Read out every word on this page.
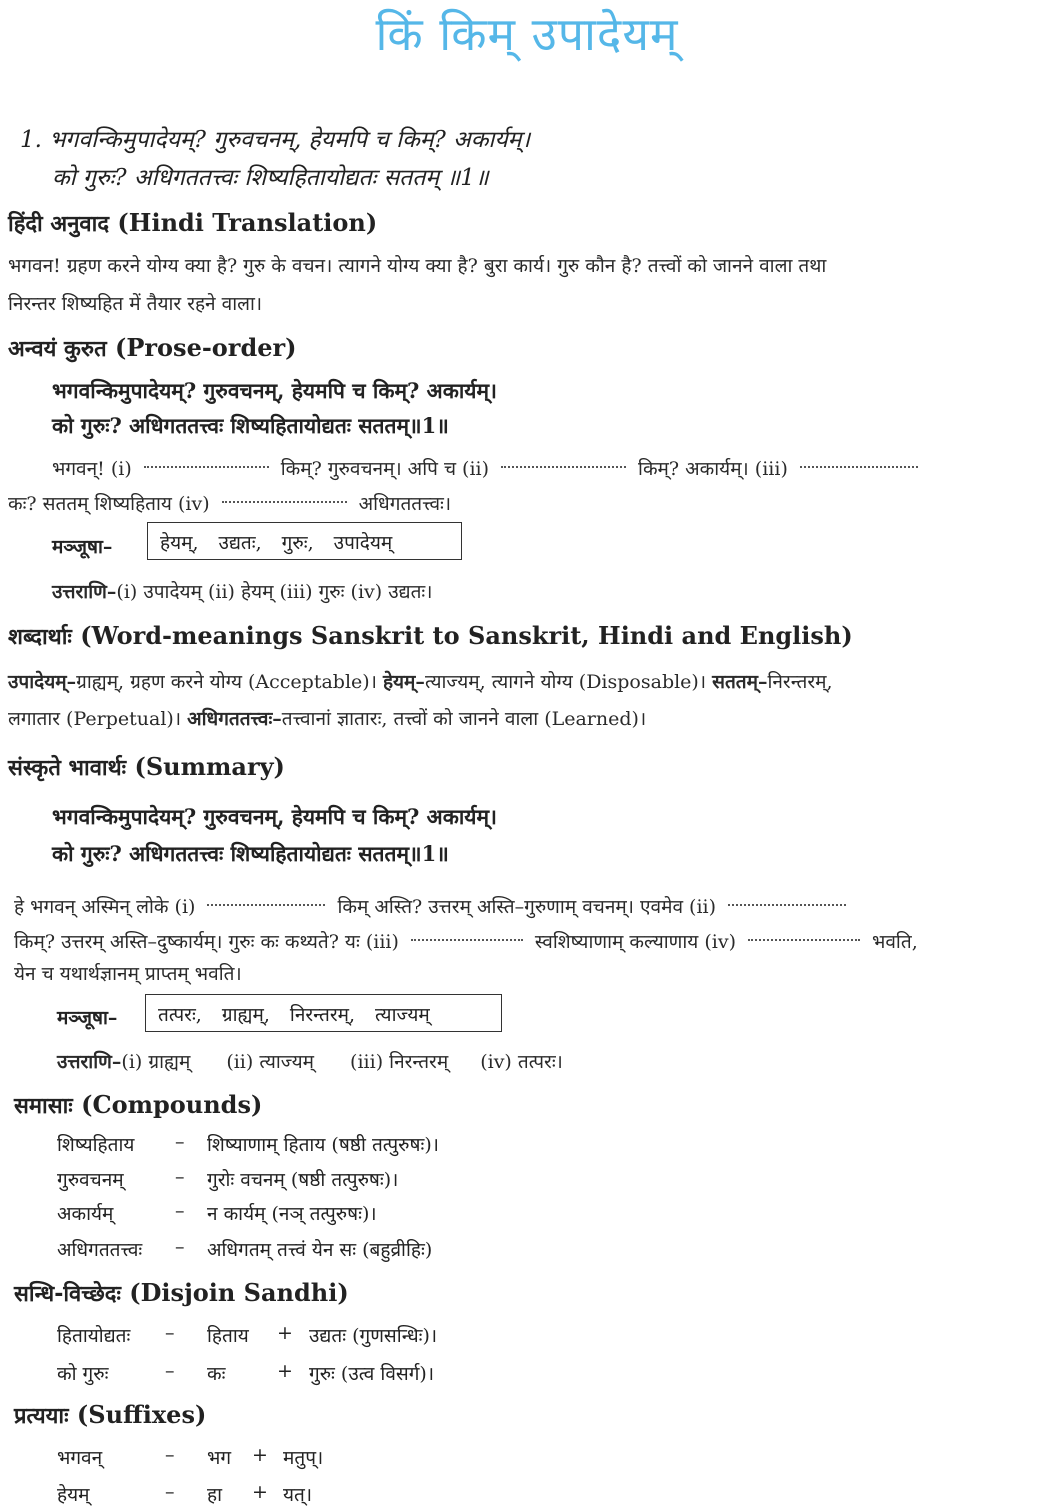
किं किम् उपादेयम्
1. भगवन्किमुपादेयम्? गुरुवचनम्, हेयमपि च किम्? अकार्यम्।
को गुरुः? अधिगततत्त्वः शिष्यहितायोद्यतः सततम् ॥1॥
हिंदी अनुवाद (Hindi Translation)
भगवन! ग्रहण करने योग्य क्या है? गुरु के वचन। त्यागने योग्य क्या है? बुरा कार्य। गुरु कौन है? तत्त्वों को जानने वाला तथा
निरन्तर शिष्यहित में तैयार रहने वाला।
अन्वयं कुरुत (Prose-order)
भगवन्किमुपादेयम्? गुरुवचनम्, हेयमपि च किम्? अकार्यम्।
को गुरुः? अधिगततत्त्वः शिष्यहितायोद्यतः सततम्॥1॥
भगवन्! (i)	किम्? गुरुवचनम्। अपि च (ii)	किम्? अकार्यम्। (iii)
कः? सततम् शिष्यहिताय (iv)	अधिगततत्त्वः।
मञ्जूषा–	हेयम्, उद्यतः, गुरुः, उपादेयम्
उत्तराणि–(i) उपादेयम् (ii) हेयम् (iii) गुरुः (iv) उद्यतः।
शब्दार्थाः (Word-meanings Sanskrit to Sanskrit, Hindi and English)
उपादेयम्–ग्राह्यम्, ग्रहण करने योग्य (Acceptable)। हेयम्–त्याज्यम्, त्यागने योग्य (Disposable)। सततम्–निरन्तरम्,
लगातार (Perpetual)। अधिगततत्त्वः–तत्त्वानां ज्ञातारः, तत्त्वों को जानने वाला (Learned)।
संस्कृते भावार्थः (Summary)
भगवन्किमुपादेयम्? गुरुवचनम्, हेयमपि च किम्? अकार्यम्।
को गुरुः? अधिगततत्त्वः शिष्यहितायोद्यतः सततम्॥1॥
हे भगवन् अस्मिन् लोके (i)	किम् अस्ति? उत्तरम् अस्ति–गुरुणाम् वचनम्। एवमेव (ii)
किम्? उत्तरम् अस्ति–दुष्कार्यम्। गुरुः कः कथ्यते? यः (iii)	स्वशिष्याणाम् कल्याणाय (iv)	भवति,
येन च यथार्थज्ञानम् प्राप्तम् भवति।
मञ्जूषा–	तत्परः, ग्राह्यम्, निरन्तरम्, त्याज्यम्
उत्तराणि–(i) ग्राह्यम् (ii) त्याज्यम् (iii) निरन्तरम् (iv) तत्परः।
समासाः (Compounds)
शिष्यहिताय – शिष्याणाम् हिताय (षष्ठी तत्पुरुषः)।
गुरुवचनम्	– गुरोः वचनम् (षष्ठी तत्पुरुषः)।
अकार्यम्	– न कार्यम् (नञ् तत्पुरुषः)।
अधिगततत्त्वः – अधिगतम् तत्त्वं येन सः (बहुव्रीहिः)
सन्धि-विच्छेदः (Disjoin Sandhi)
हितायोद्यतः – हिताय + उद्यतः (गुणसन्धिः)।
को गुरुः	– कः	+ गुरुः (उत्व विसर्ग)।
प्रत्ययाः (Suffixes)
भगवन्	– भग + मतुप्।
हेयम्	– हा + यत्।
